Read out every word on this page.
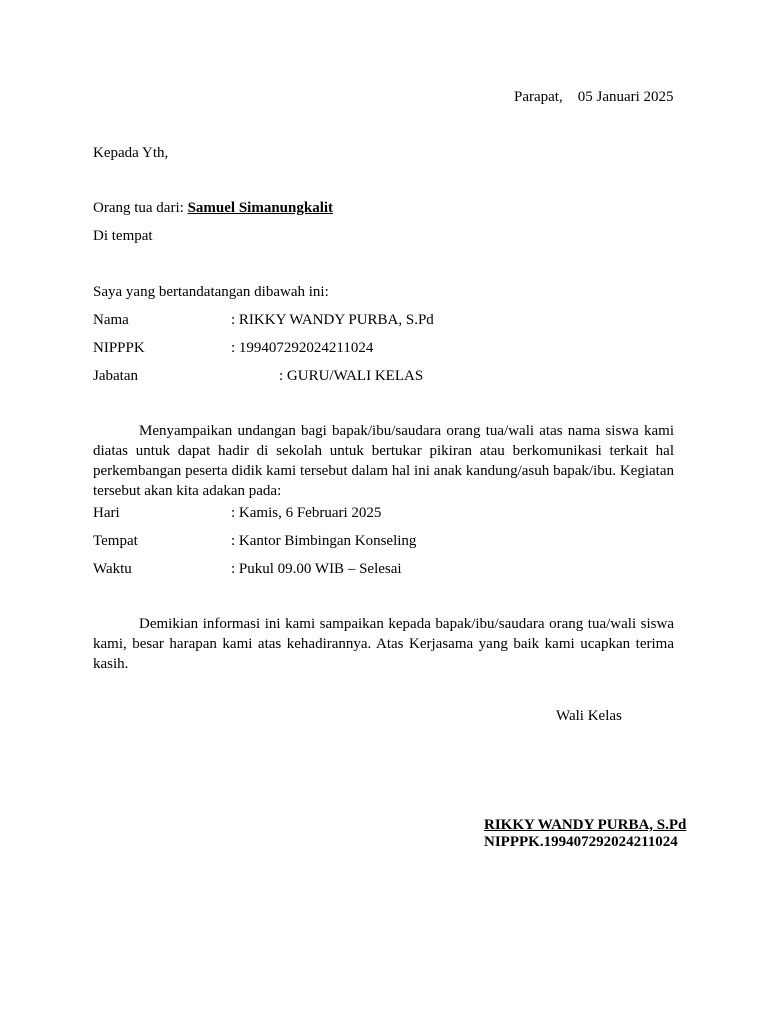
Parapat, 05 Januari 2025
Kepada Yth,
Orang tua dari: Samuel Simanungkalit
Di tempat
Saya yang bertandatangan dibawah ini:
Nama	: RIKKY WANDY PURBA, S.Pd
NIPPPK	: 199407292024211024
Jabatan	: GURU/WALI KELAS
Menyampaikan undangan bagi bapak/ibu/saudara orang tua/wali atas nama siswa kami diatas untuk dapat hadir di sekolah untuk bertukar pikiran atau berkomunikasi terkait hal perkembangan peserta didik kami tersebut dalam hal ini anak kandung/asuh bapak/ibu. Kegiatan tersebut akan kita adakan pada:
Hari	: Kamis, 6 Februari 2025
Tempat	: Kantor Bimbingan Konseling
Waktu	: Pukul 09.00 WIB – Selesai
Demikian informasi ini kami sampaikan kepada bapak/ibu/saudara orang tua/wali siswa kami, besar harapan kami atas kehadirannya. Atas Kerjasama yang baik kami ucapkan terima kasih.
Wali Kelas
RIKKY WANDY PURBA, S.Pd
NIPPPK.199407292024211024
